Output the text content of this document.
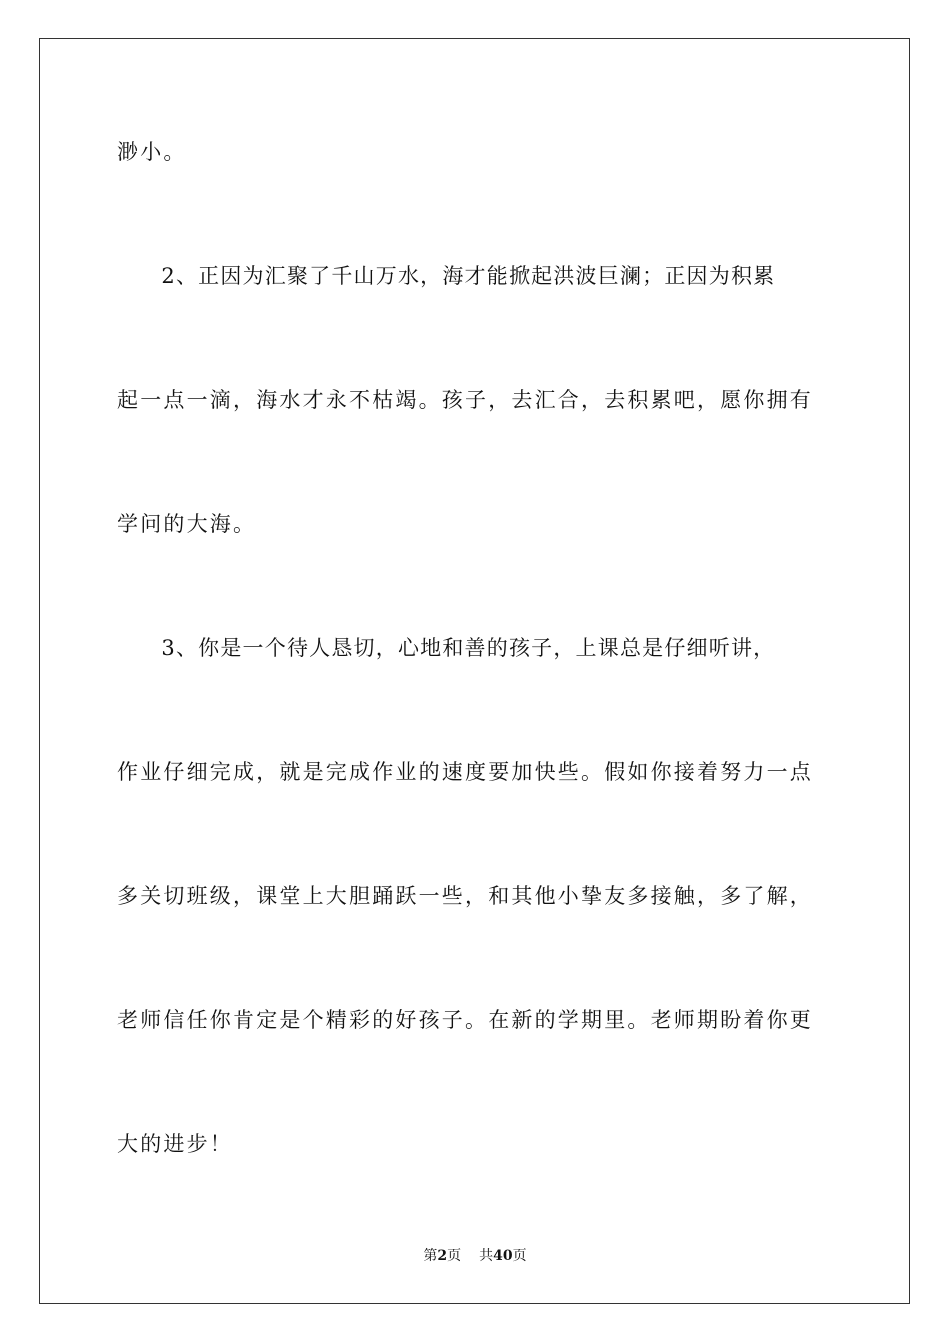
渺小。
　　2、正因为汇聚了千山万水，海才能掀起洪波巨澜；正因为积累
起一点一滴，海水才永不枯竭。孩子，去汇合，去积累吧，愿你拥有
学问的大海。
　　3、你是一个待人恳切，心地和善的孩子，上课总是仔细听讲，
作业仔细完成，就是完成作业的速度要加快些。假如你接着努力一点
多关切班级，课堂上大胆踊跃一些，和其他小挚友多接触，多了解，
老师信任你肯定是个精彩的好孩子。在新的学期里。老师期盼着你更
大的进步！
第2页 共40页
